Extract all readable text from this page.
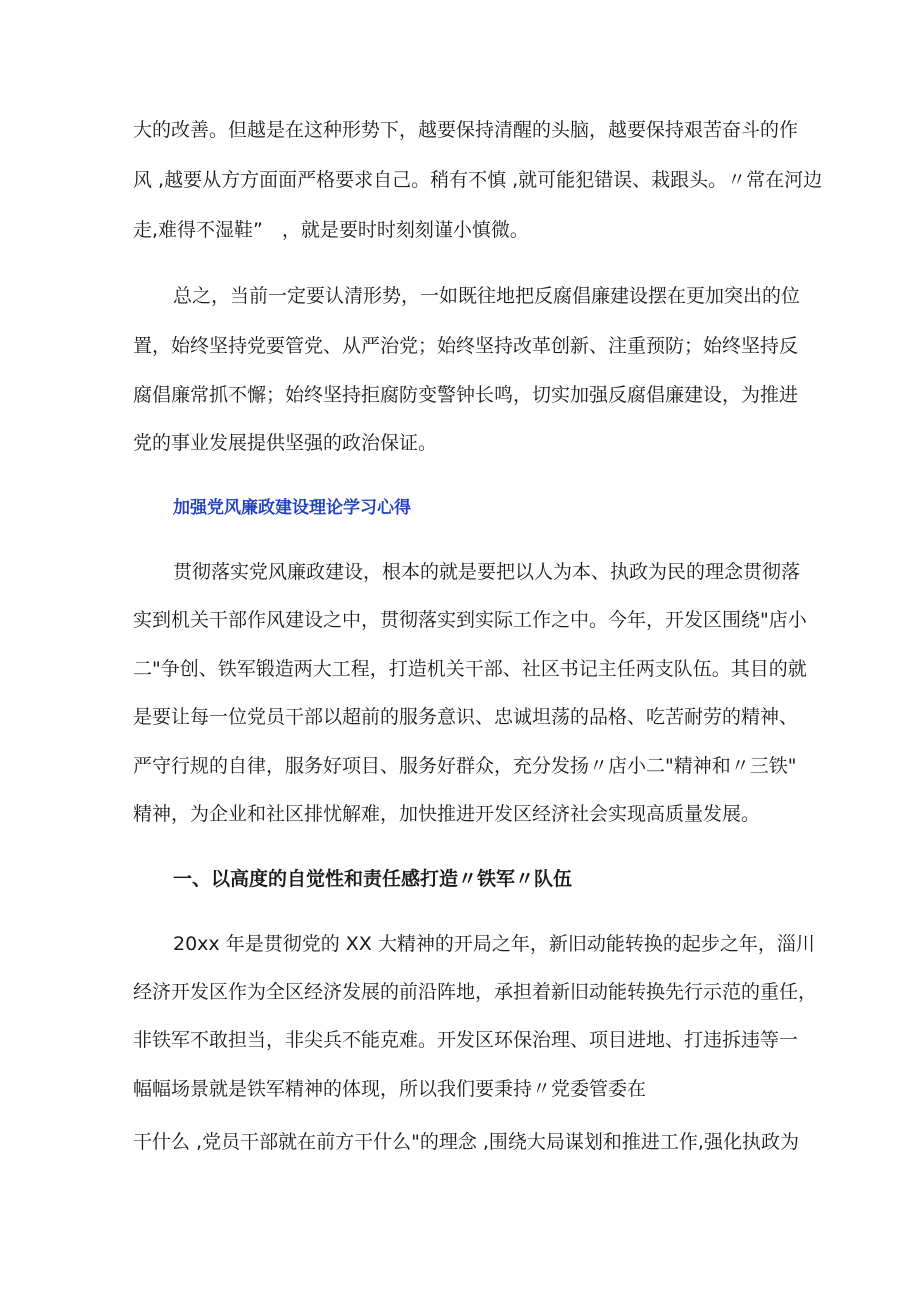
大的改善。但越是在这种形势下，越要保持清醒的头脑，越要保持艰苦奋斗的作
风 ,越要从方方面面严格要求自己。稍有不慎 ,就可能犯错误、栽跟头。〃常在河边
走,难得不湿鞋”　，就是要时时刻刻谨小慎微。
总之，当前一定要认清形势，一如既往地把反腐倡廉建设摆在更加突出的位
置，始终坚持党要管党、从严治党；始终坚持改革创新、注重预防；始终坚持反
腐倡廉常抓不懈；始终坚持拒腐防变警钟长鸣，切实加强反腐倡廉建设，为推进
党的事业发展提供坚强的政治保证。
加强党风廉政建设理论学习心得
贯彻落实党风廉政建设，根本的就是要把以人为本、执政为民的理念贯彻落
实到机关干部作风建设之中，贯彻落实到实际工作之中。今年，开发区围绕"店小
二"争创、铁军锻造两大工程，打造机关干部、社区书记主任两支队伍。其目的就
是要让每一位党员干部以超前的服务意识、忠诚坦荡的品格、吃苦耐劳的精神、
严守行规的自律，服务好项目、服务好群众，充分发扬〃店小二"精神和〃三铁"
精神，为企业和社区排忧解难，加快推进开发区经济社会实现高质量发展。
一、以高度的自觉性和责任感打造〃铁军〃队伍
20xx 年是贯彻党的 XX 大精神的开局之年，新旧动能转换的起步之年，淄川
经济开发区作为全区经济发展的前沿阵地，承担着新旧动能转换先行示范的重任，
非铁军不敢担当，非尖兵不能克难。开发区环保治理、项目进地、打违拆违等一
幅幅场景就是铁军精神的体现，所以我们要秉持〃党委管委在
干什么 ,党员干部就在前方干什么"的理念 ,围绕大局谋划和推进工作,强化执政为
